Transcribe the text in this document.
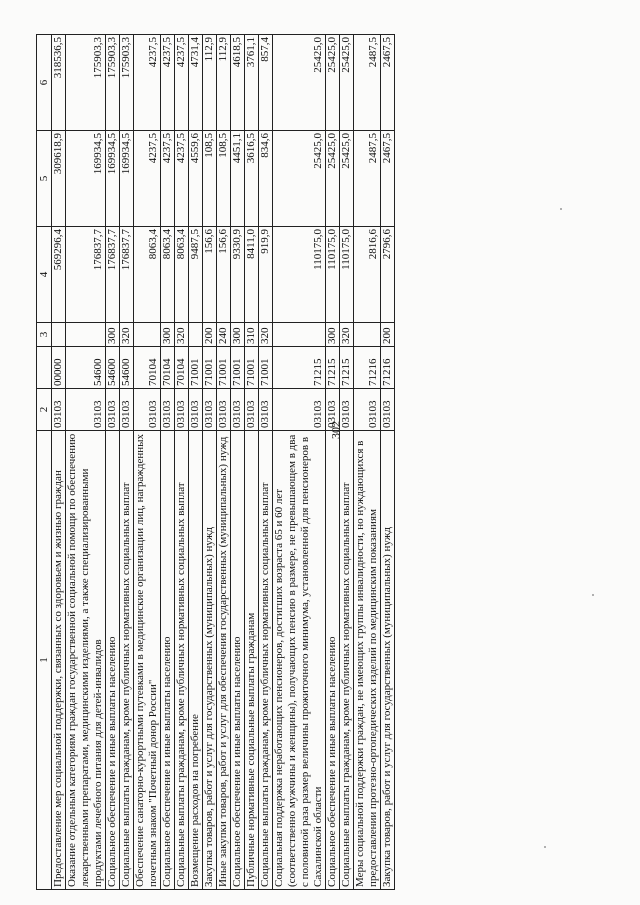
302
1	2		3	4	5	6
Предоставление мер социальной поддержки, связанных со здоровьем и жизнью граждан	03103	00000		569296,4	309618,9	318536,5
Оказание отдельным категориям граждан государственной социальной помощи по обеспечению лекарственными препаратами, медицинскими изделиями, а также специализированными продуктами лечебного питания для детей-инвалидов	03103	54600		176837,7	169934,5	175903,3
Социальное обеспечение и иные выплаты населению	03103	54600	300	176837,7	169934,5	175903,3
Социальные выплаты гражданам, кроме публичных нормативных социальных выплат	03103	54600	320	176837,7	169934,5	175903,3
Обеспечение санаторно-курортными путевками в медицинские организации лиц, награжденных почетным знаком "Почетный донор России"	03103	70104		8063,4	4237,5	4237,5
Социальное обеспечение и иные выплаты населению	03103	70104	300	8063,4	4237,5	4237,5
Социальные выплаты гражданам, кроме публичных нормативных социальных выплат	03103	70104	320	8063,4	4237,5	4237,5
Возмещение расходов на погребение	03103	71001		9487,5	4559,6	4731,4
Закупка товаров, работ и услуг для государственных (муниципальных) нужд	03103	71001	200	156,6	108,5	112,9
Иные закупки товаров, работ и услуг для обеспечения государственных (муниципальных) нужд	03103	71001	240	156,6	108,5	112,9
Социальное обеспечение и иные выплаты населению	03103	71001	300	9330,9	4451,1	4618,5
Публичные нормативные социальные выплаты гражданам	03103	71001	310	8411,0	3616,5	3761,1
Социальные выплаты гражданам, кроме публичных нормативных социальных выплат	03103	71001	320	919,9	834,6	857,4
Социальная поддержка неработающих пенсионеров, достигших возраста 65 и 60 лет (соответственно мужчины и женщины), получающих пенсию в размере, не превышающем в два с половиной раза размер величины прожиточного минимума, установленной для пенсионеров в Сахалинской области	03103	71215		110175,0	25425,0	25425,0
Социальное обеспечение и иные выплаты населению	03103	71215	300	110175,0	25425,0	25425,0
Социальные выплаты гражданам, кроме публичных нормативных социальных выплат	03103	71215	320	110175,0	25425,0	25425,0
Меры социальной поддержки граждан, не имеющих группы инвалидности, но нуждающихся в предоставлении протезно-ортопедических изделий по медицинским показаниям	03103	71216		2816,6	2487,5	2487,5
Закупка товаров, работ и услуг для государственных (муниципальных) нужд	03103	71216	200	2796,6	2467,5	2467,5
